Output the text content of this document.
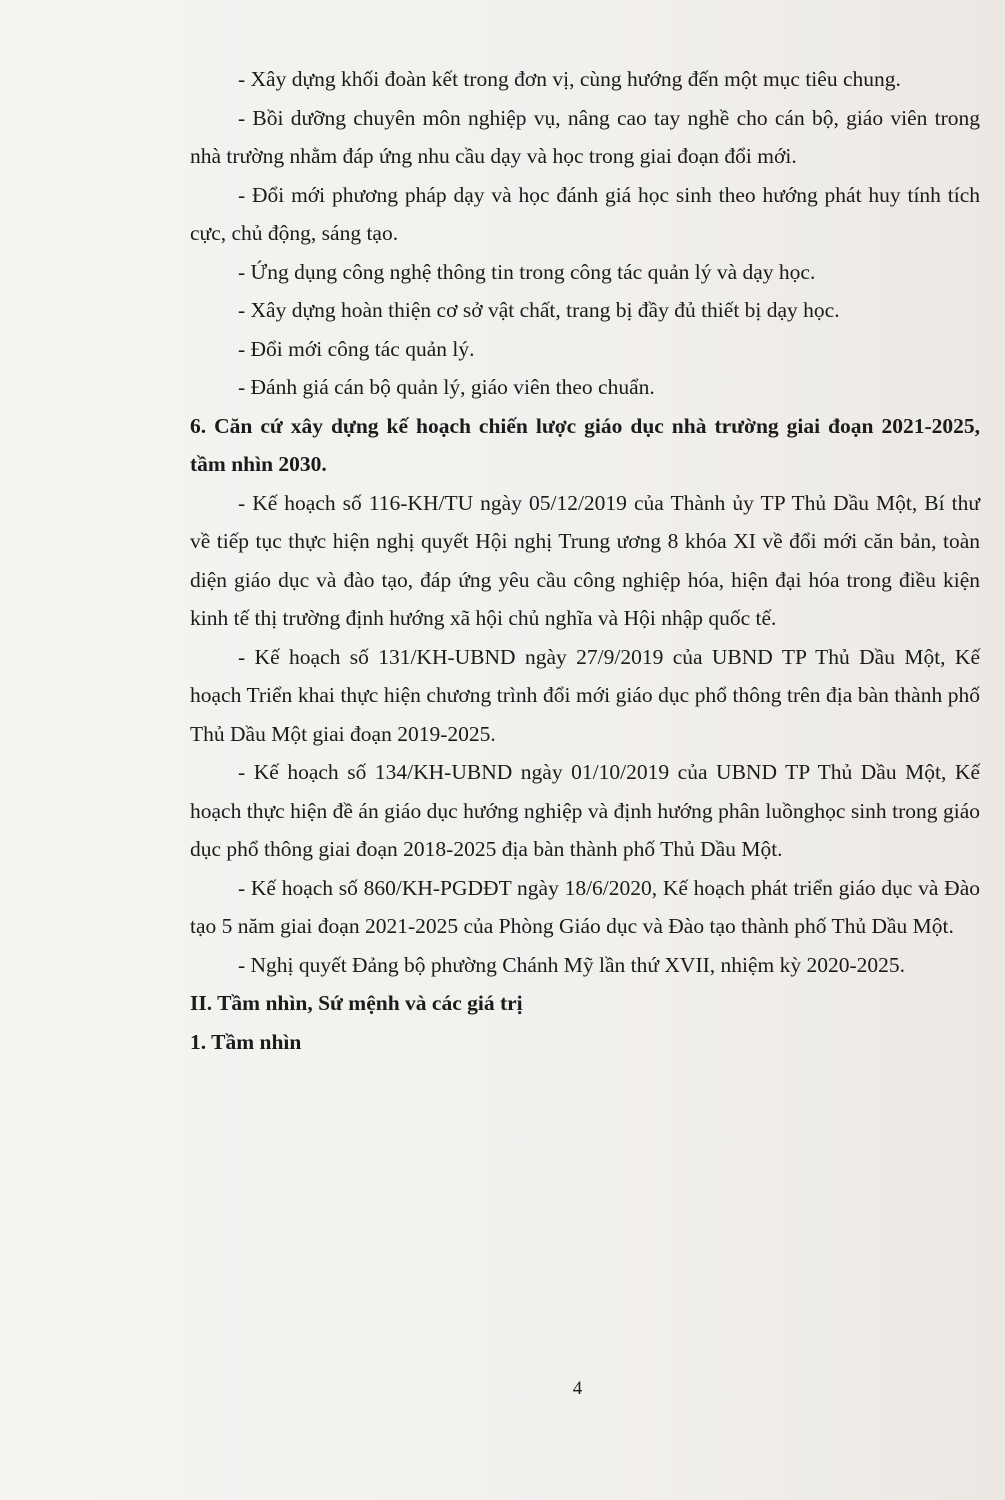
- Xây dựng khối đoàn kết trong đơn vị, cùng hướng đến một mục tiêu chung.

- Bồi dưỡng chuyên môn nghiệp vụ, nâng cao tay nghề cho cán bộ, giáo viên trong nhà trường nhằm đáp ứng nhu cầu dạy và học trong giai đoạn đổi mới.

- Đổi mới phương pháp dạy và học đánh giá học sinh theo hướng phát huy tính tích cực, chủ động, sáng tạo.

- Ứng dụng công nghệ thông tin trong công tác quản lý và dạy học.

- Xây dựng hoàn thiện cơ sở vật chất, trang bị đầy đủ thiết bị dạy học.

- Đổi mới công tác quản lý.

- Đánh giá cán bộ quản lý, giáo viên theo chuẩn.

6. Căn cứ xây dựng kế hoạch chiến lược giáo dục nhà trường giai đoạn 2021-2025, tầm nhìn 2030.

- Kế hoạch số 116-KH/TU ngày 05/12/2019 của Thành ủy TP Thủ Dầu Một, Bí thư về tiếp tục thực hiện nghị quyết Hội nghị Trung ương 8 khóa XI về đổi mới căn bản, toàn diện giáo dục và đào tạo, đáp ứng yêu cầu công nghiệp hóa, hiện đại hóa trong điều kiện kinh tế thị trường định hướng xã hội chủ nghĩa và Hội nhập quốc tế.

- Kế hoạch số 131/KH-UBND ngày 27/9/2019 của UBND TP Thủ Dầu Một, Kế hoạch Triển khai thực hiện chương trình đổi mới giáo dục phổ thông trên địa bàn thành phố Thủ Dầu Một giai đoạn 2019-2025.

- Kế hoạch số 134/KH-UBND ngày 01/10/2019 của UBND TP Thủ Dầu Một, Kế hoạch thực hiện đề án giáo dục hướng nghiệp và định hướng phân luồnghọc sinh trong giáo dục phổ thông giai đoạn 2018-2025 địa bàn thành phố Thủ Dầu Một.

- Kế hoạch số 860/KH-PGDĐT ngày 18/6/2020, Kế hoạch phát triển giáo dục và Đào tạo 5 năm giai đoạn 2021-2025 của Phòng Giáo dục và Đào tạo thành phố Thủ Dầu Một.

- Nghị quyết Đảng bộ phường Chánh Mỹ lần thứ XVII, nhiệm kỳ 2020-2025.

II. Tầm nhìn, Sứ mệnh và các giá trị

1. Tầm nhìn

4
